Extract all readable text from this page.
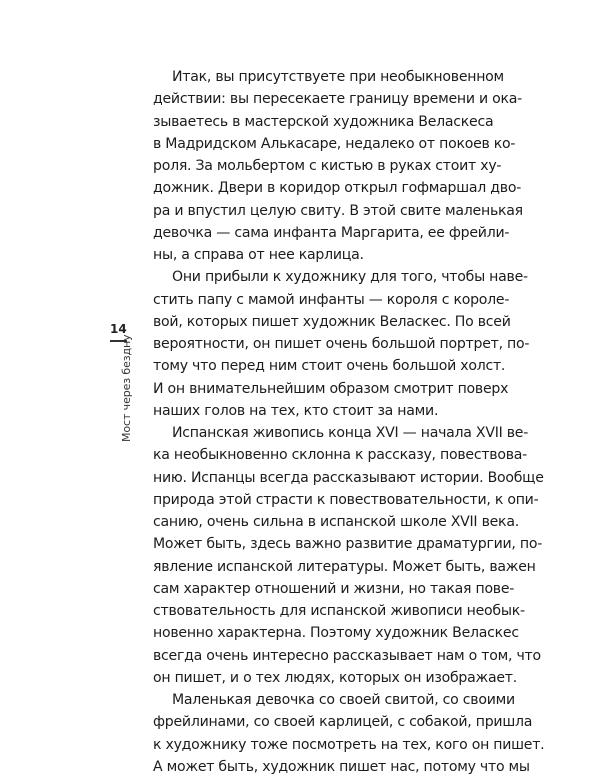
14
Мост через бездну
Итак, вы присутствуете при необыкновенном
действии: вы пересекаете границу времени и ока-
зываетесь в мастерской художника Веласкеса
в Мадридском Алькасаре, недалеко от покоев ко-
роля. За мольбертом с кистью в руках стоит ху-
дожник. Двери в коридор открыл гофмаршал дво-
ра и впустил целую свиту. В этой свите маленькая
девочка — сама инфанта Маргарита, ее фрейли-
ны, а справа от нее карлица.
Они прибыли к художнику для того, чтобы наве-
стить папу с мамой инфанты — короля с короле-
вой, которых пишет художник Веласкес. По всей
вероятности, он пишет очень большой портрет, по-
тому что перед ним стоит очень большой холст.
И он внимательнейшим образом смотрит поверх
наших голов на тех, кто стоит за нами.
Испанская живопись конца XVI — начала XVII ве-
ка необыкновенно склонна к рассказу, повествова-
нию. Испанцы всегда рассказывают истории. Вообще
природа этой страсти к повествовательности, к опи-
санию, очень сильна в испанской школе XVII века.
Может быть, здесь важно развитие драматургии, по-
явление испанской литературы. Может быть, важен
сам характер отношений и жизни, но такая пове-
ствовательность для испанской живописи необык-
новенно характерна. Поэтому художник Веласкес
всегда очень интересно рассказывает нам о том, что
он пишет, и о тех людях, которых он изображает.
Маленькая девочка со своей свитой, со своими
фрейлинами, со своей карлицей, с собакой, пришла
к художнику тоже посмотреть на тех, кого он пишет.
А может быть, художник пишет нас, потому что мы
